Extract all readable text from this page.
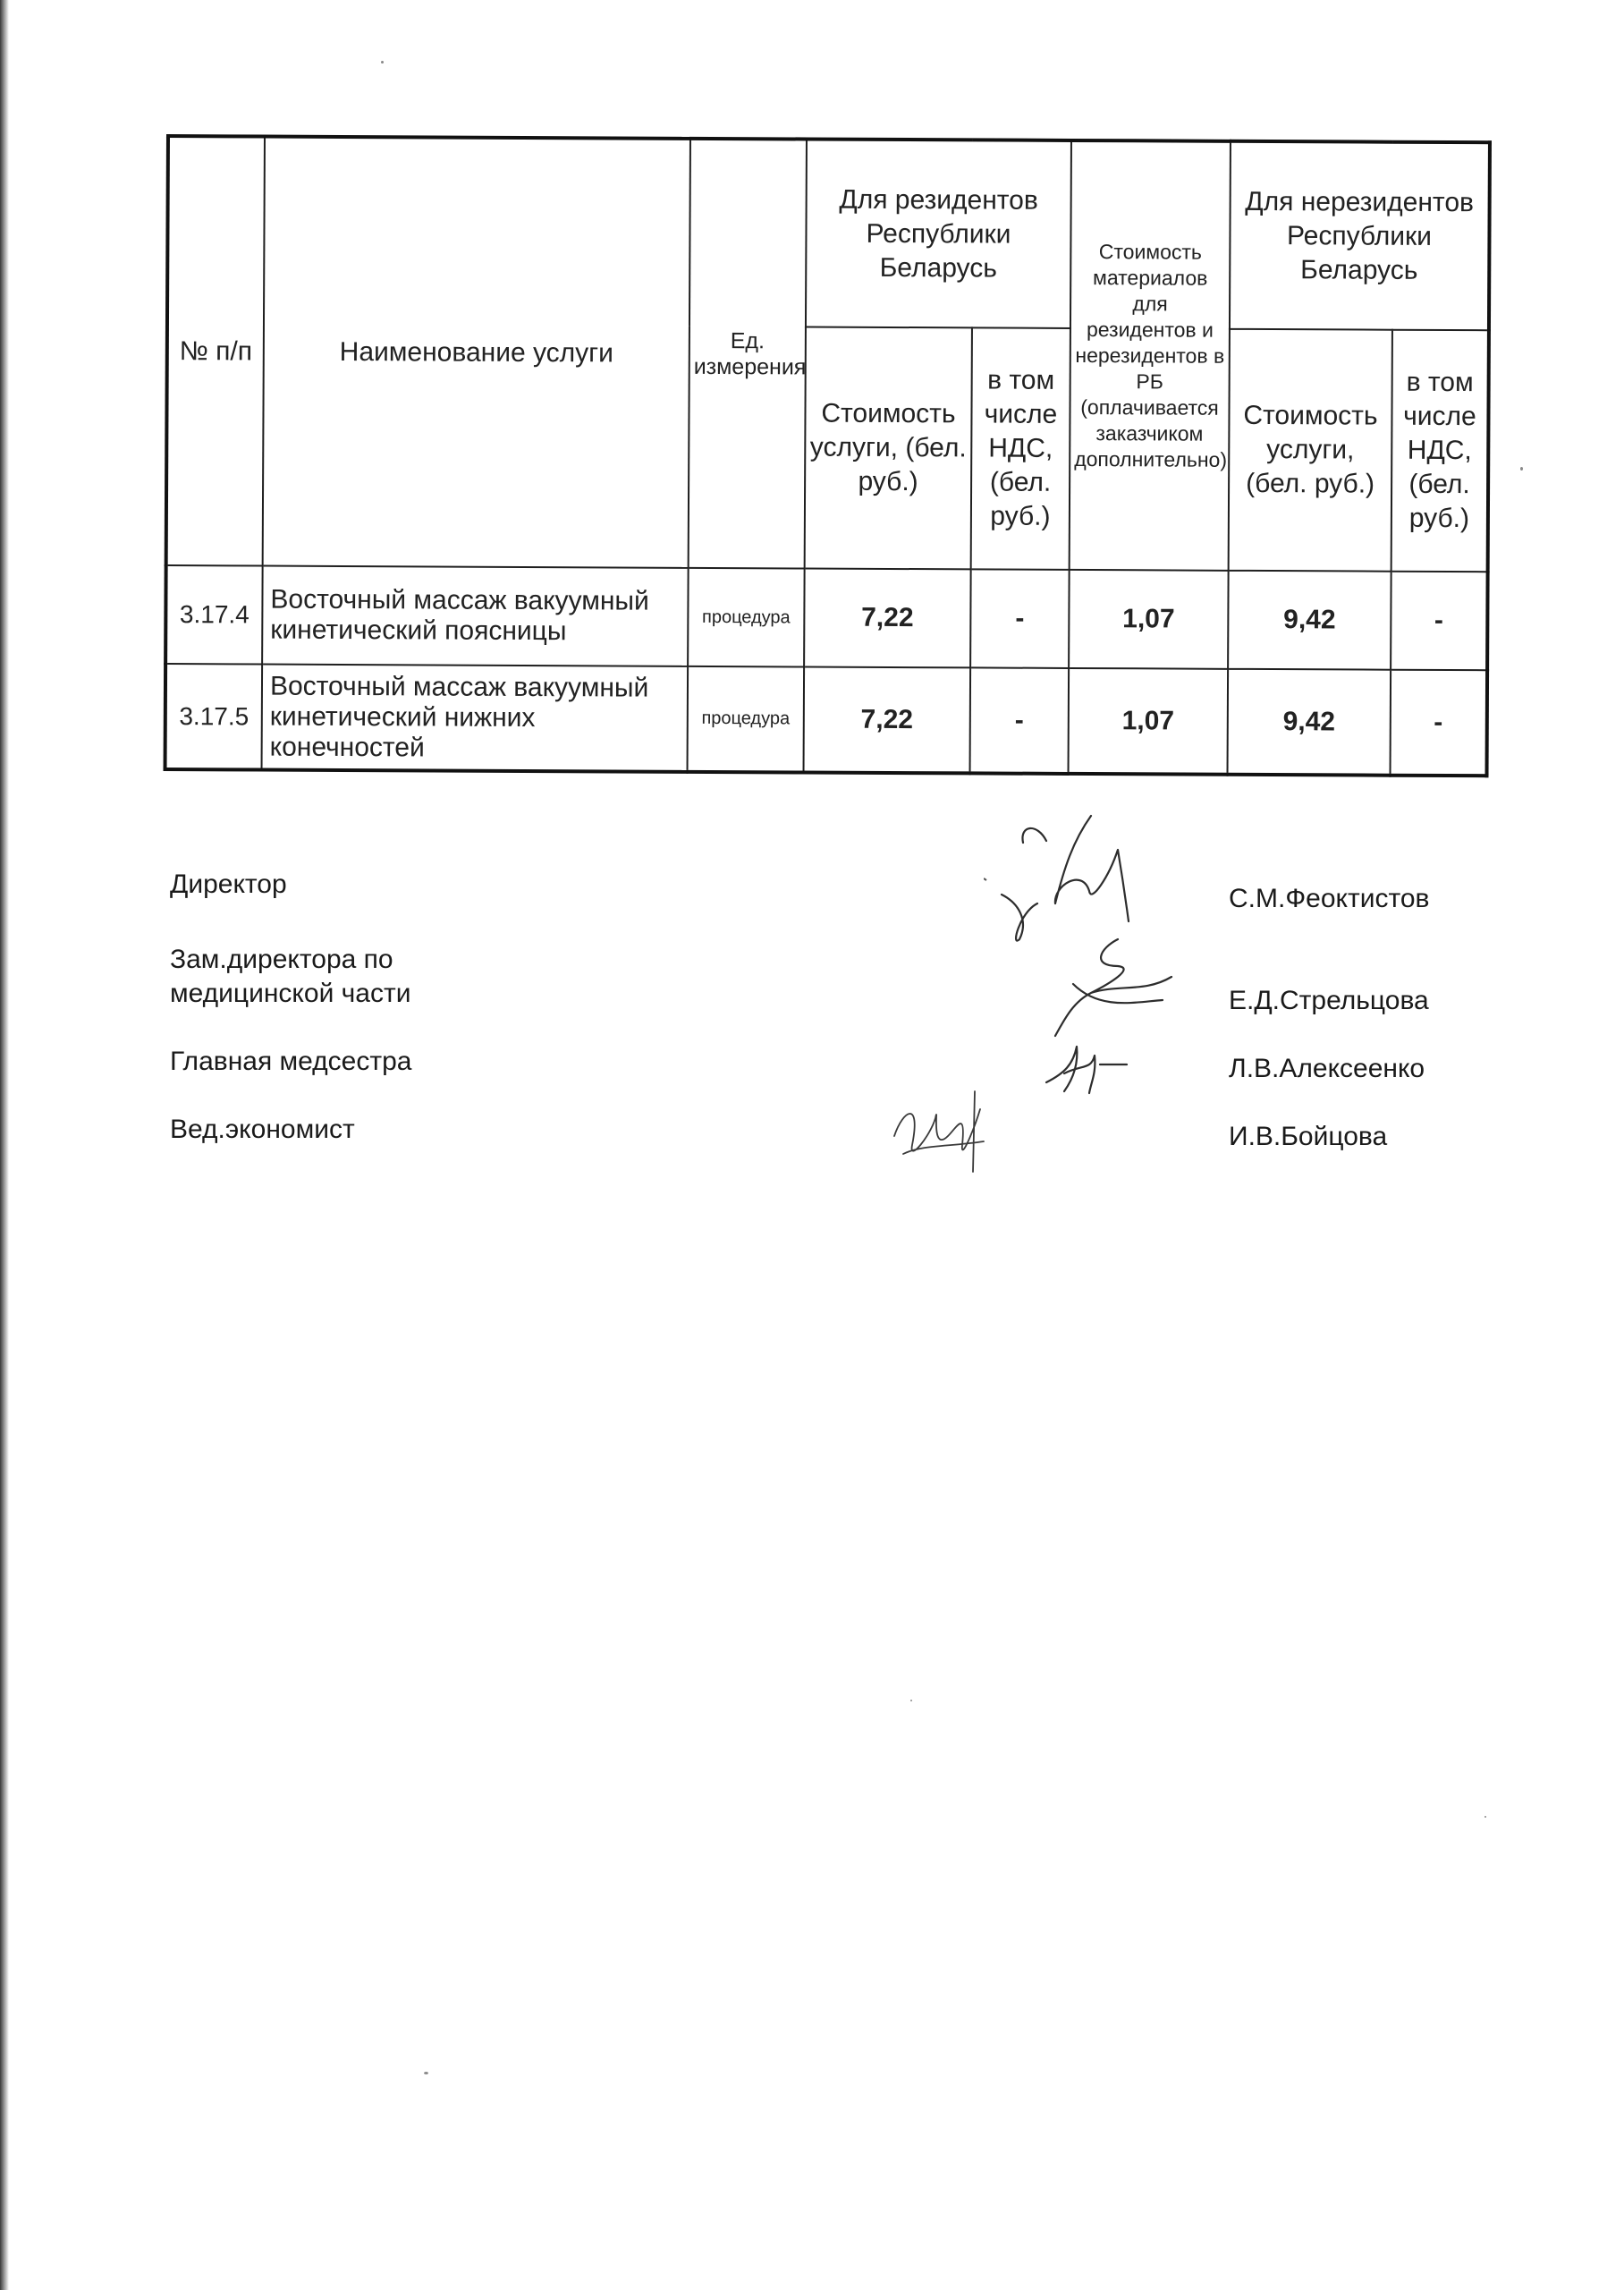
№ п/п	Наименование услуги	Ед. измерения	Для резидентов Республики Беларусь		Стоимость материалов для резидентов и нерезидентов в РБ (оплачивается заказчиком дополнительно)	Для нерезидентов Республики Беларусь	
			Стоимость услуги, (бел. руб.)	в том числе НДС, (бел. руб.)		Стоимость услуги, (бел. руб.)	в том числе НДС, (бел. руб.)
3.17.4	Восточный массаж вакуумный кинетический поясницы	процедура	7,22	-	1,07	9,42	-
3.17.5	Восточный массаж вакуумный кинетический нижних конечностей	процедура	7,22	-	1,07	9,42	-
Директор
Зам.директора по медицинской части
Главная медсестра
Вед.экономист
С.М.Феоктистов
Е.Д.Стрельцова
Л.В.Алексеенко
И.В.Бойцова
